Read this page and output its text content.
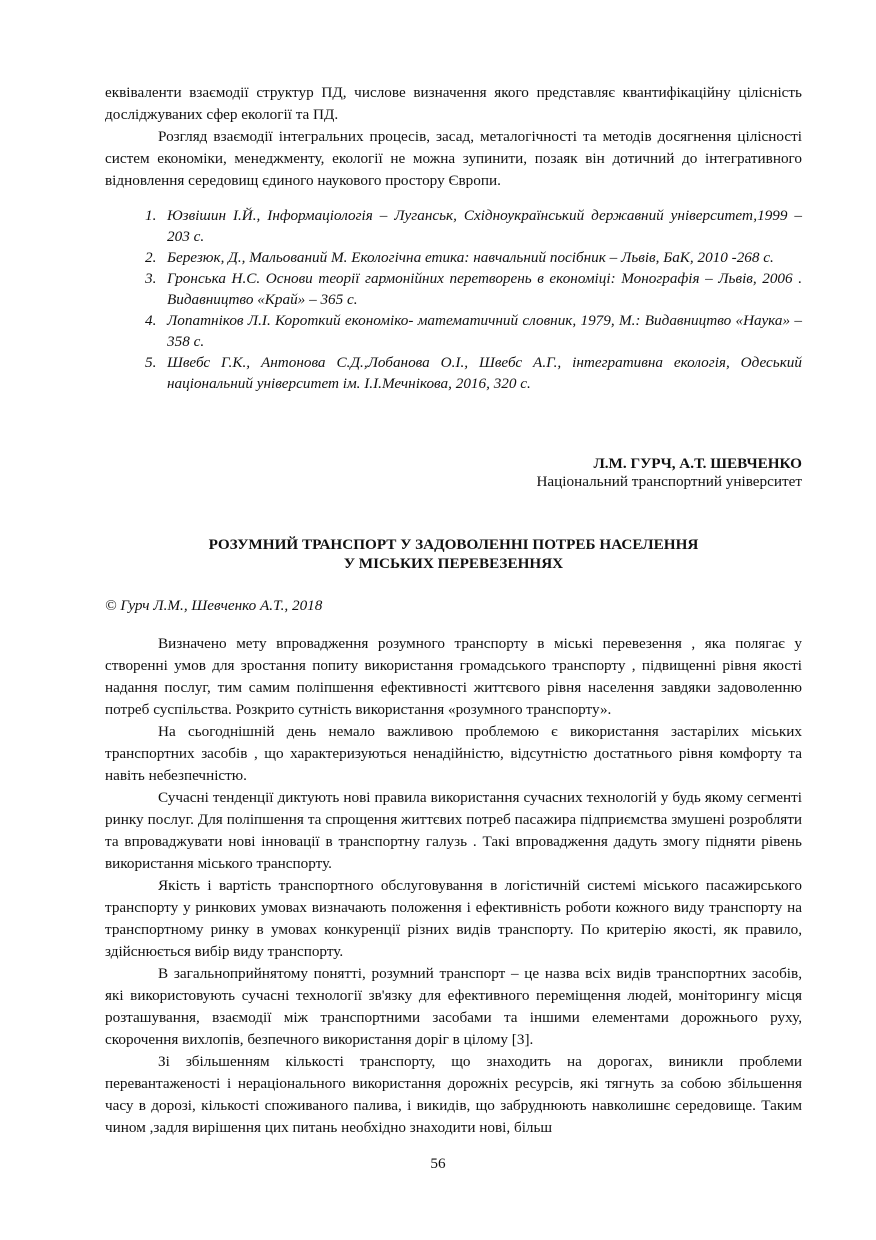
еквіваленти взаємодії структур ПД, числове визначення якого представляє квантифікаційну цілісність досліджуваних сфер екології та ПД.

Розгляд взаємодії інтегральних процесів, засад, металогічності та методів досягнення цілісності систем економіки, менеджменту, екології не можна зупинити, позаяк він дотичний до інтегративного відновлення середовищ єдиного наукового простору Європи.

1. Юзвішин І.Й., Інформаціологія – Луганськ, Східноукраїнський державний університет,1999 – 203 с.
2. Березюк, Д., Мальований М. Екологічна етика: навчальний посібник – Львів, БаК, 2010 -268 с.
3. Гронська Н.С. Основи теорії гармонійних перетворень в економіці: Монографія – Львів, 2006 . Видавництво «Край» – 365 с.
4. Лопатніков Л.І. Короткий економіко- математичний словник, 1979, М.: Видавництво «Наука» – 358 с.
5. Швебс Г.К., Антонова С.Д.,Лобанова О.І., Швебс А.Г., інтегративна екологія, Одеський національний університет ім. І.І.Мечнікова, 2016, 320 с.
Л.М. ГУРЧ, А.Т. ШЕВЧЕНКО
Національний транспортний університет
РОЗУМНИЙ ТРАНСПОРТ У ЗАДОВОЛЕННІ ПОТРЕБ НАСЕЛЕННЯ
У МІСЬКИХ ПЕРЕВЕЗЕННЯХ
© Гурч Л.М., Шевченко А.Т., 2018

Визначено мету впровадження розумного транспорту в міські перевезення , яка полягає у створенні умов для зростання попиту використання громадського транспорту , підвищенні рівня якості надання послуг, тим самим поліпшення ефективності життєвого рівня населення завдяки задоволенню потреб суспільства. Розкрито сутність використання «розумного транспорту».

На сьогоднішній день немало важливою проблемою є використання застарілих міських транспортних засобів , що характеризуються ненадійністю, відсутністю достатнього рівня комфорту та навіть небезпечністю.

Сучасні тенденції диктують нові правила використання сучасних технологій у будь якому сегменті ринку послуг. Для поліпшення та спрощення життєвих потреб пасажира підприємства змушені розробляти та впроваджувати нові інновації в транспортну галузь . Такі впровадження дадуть змогу підняти рівень використання міського транспорту.

Якість і вартість транспортного обслуговування в логістичній системі міського пасажирського транспорту у ринкових умовах визначають положення і ефективність роботи кожного виду транспорту на транспортному ринку в умовах конкуренції різних видів транспорту. По критерію якості, як правило, здійснюється вибір виду транспорту.

В загальноприйнятому понятті, розумний транспорт – це назва всіх видів транспортних засобів, які використовують сучасні технології зв'язку для ефективного переміщення людей, моніторингу місця розташування, взаємодії між транспортними засобами та іншими елементами дорожнього руху, скорочення вихлопів, безпечного використання доріг в цілому [3].

Зі збільшенням кількості транспорту, що знаходить на дорогах, виникли проблеми перевантаженості і нераціонального використання дорожніх ресурсів, які тягнуть за собою збільшення часу в дорозі, кількості споживаного палива, і викидів, що забруднюють навколишнє середовище. Таким чином ,задля вирішення цих питань необхідно знаходити нові, більш

56
